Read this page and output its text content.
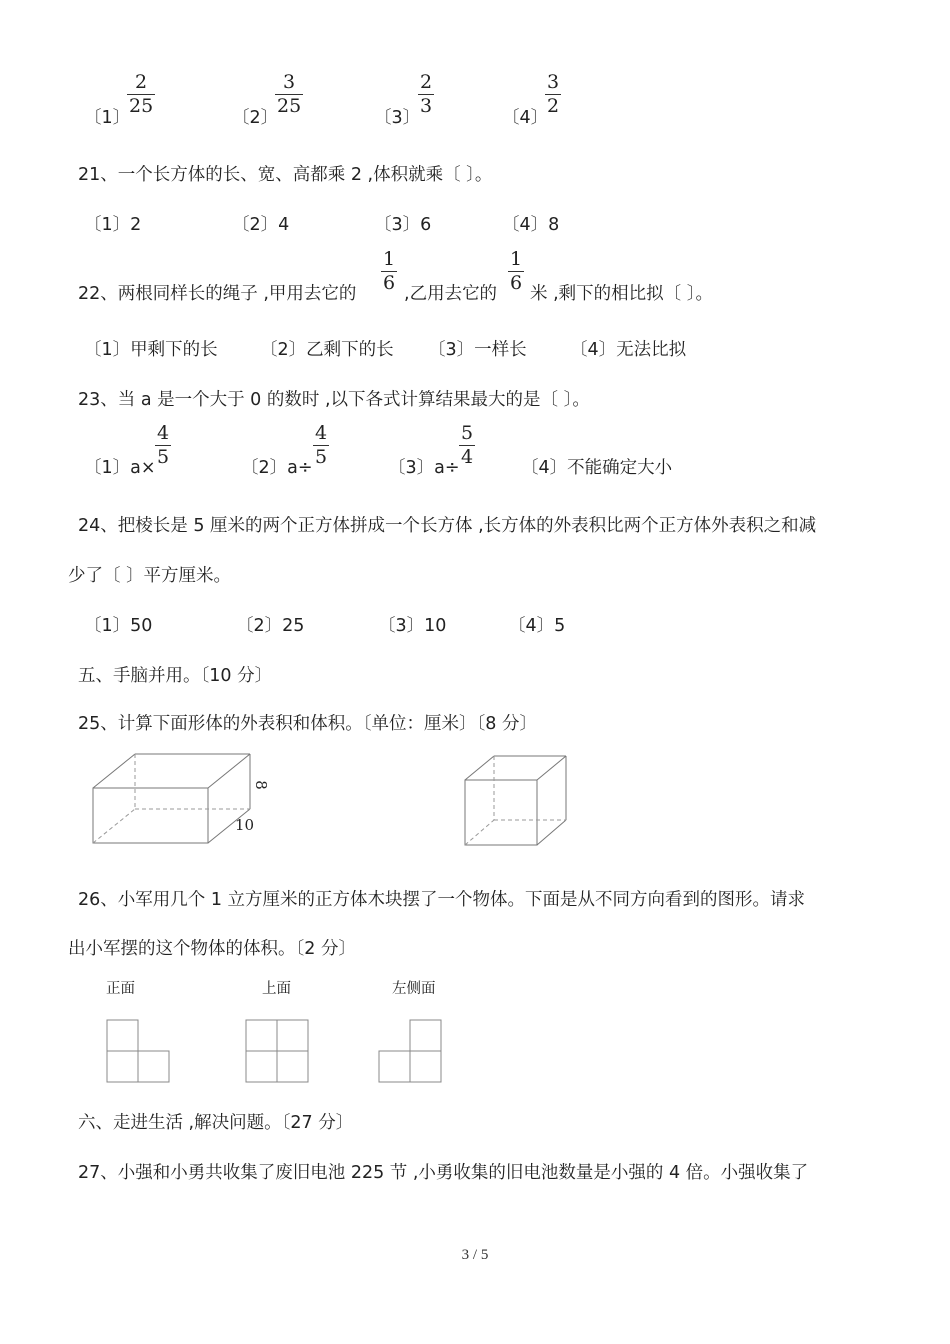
〔1〕
2
25
〔2〕
3
25
〔3〕
2
3
〔4〕
3
2
21、一个长方体的长、宽、高都乘 2 ,体积就乘〔 〕。
〔1〕2	〔2〕4	〔3〕6	〔4〕8
22、两根同样长的绳子 ,甲用去它的
1
6 ,乙用去它的
1
6 米 ,剩下的相比拟〔 〕。
〔1〕甲剩下的长 〔2〕乙剩下的长 〔3〕一样长 〔4〕无法比拟
23、当 a 是一个大于 0 的数时 ,以下各式计算结果最大的是〔 〕。
〔1〕a×
4
5	〔2〕a÷
4
5	〔3〕a÷
5
4	〔4〕不能确定大小
24、把棱长是 5 厘米的两个正方体拼成一个长方体 ,长方体的外表积比两个正方体外表积之和减
少了〔 〕平方厘米。
〔1〕50	〔2〕25	〔3〕10	〔4〕5
五、手脑并用。〔10 分〕
25、计算下面形体的外表积和体积。〔单位：厘米〕〔8 分〕
8
10
26、小军用几个 1 立方厘米的正方体木块摆了一个物体。下面是从不同方向看到的图形。请求
出小军摆的这个物体的体积。〔2 分〕
正面	上面	左侧面
六、走进生活 ,解决问题。〔27 分〕
27、小强和小勇共收集了废旧电池 225 节 ,小勇收集的旧电池数量是小强的 4 倍。小强收集了
3 / 5
